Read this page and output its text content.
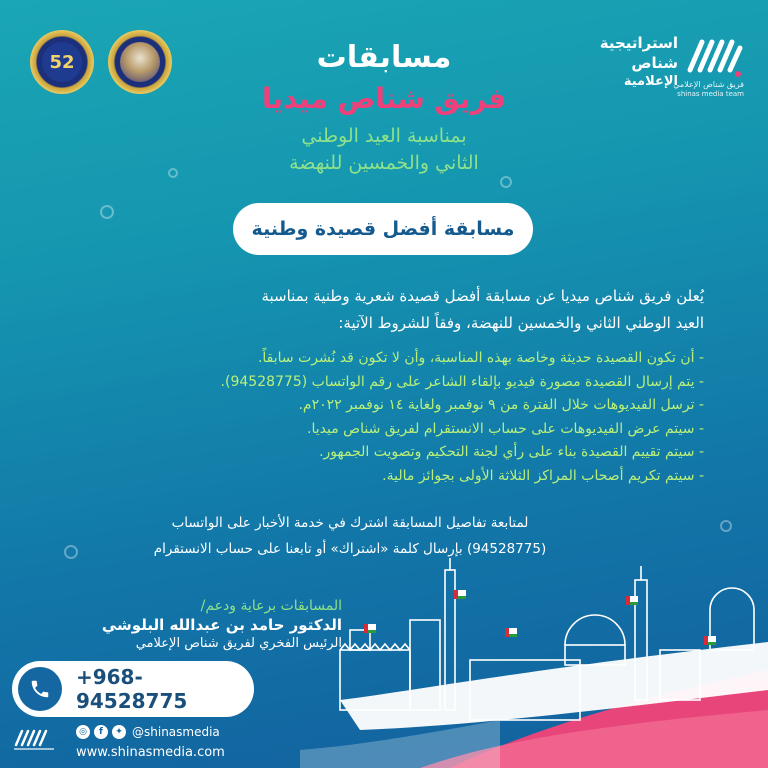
52
استراتيجية
شناص
الإعلامية
فريق شناص الإعلامي
shinas media team
مسابقات
فريق شناص ميديا
بمناسبة العيد الوطني
الثاني والخمسين للنهضة
مسابقة أفضل قصيدة وطنية
يُعلن فريق شناص ميديا عن مسابقة أفضل قصيدة شعرية وطنية بمناسبة
العيد الوطني الثاني والخمسين للنهضة، وفقاً للشروط الآتية:
- أن تكون القصيدة حديثة وخاصة بهذه المناسبة، وأن لا تكون قد نُشرت سابقاً.
- يتم إرسال القصيدة مصورة فيديو بإلقاء الشاعر على رقم الواتساب (94528775).
- ترسل الفيديوهات خلال الفترة من ٩ نوفمبر ولغاية ١٤ نوفمبر ٢٠٢٢م.
- سيتم عرض الفيديوهات على حساب الانستقرام لفريق شناص ميديا.
- سيتم تقييم القصيدة بناء على رأي لجنة التحكيم وتصويت الجمهور.
- سيتم تكريم أصحاب المراكز الثلاثة الأولى بجوائز مالية.
لمتابعة تفاصيل المسابقة اشترك في خدمة الأخبار على الواتساب
(94528775) بإرسال كلمة «اشتراك» أو تابعنا على حساب الانستقرام
المسابقات برعاية ودعم/
الدكتور حامد بن عبدالله البلوشي
الرئيس الفخري لفريق شناص الإعلامي
+968-94528775
◎	f	✦ @shinasmedia
www.shinasmedia.com
